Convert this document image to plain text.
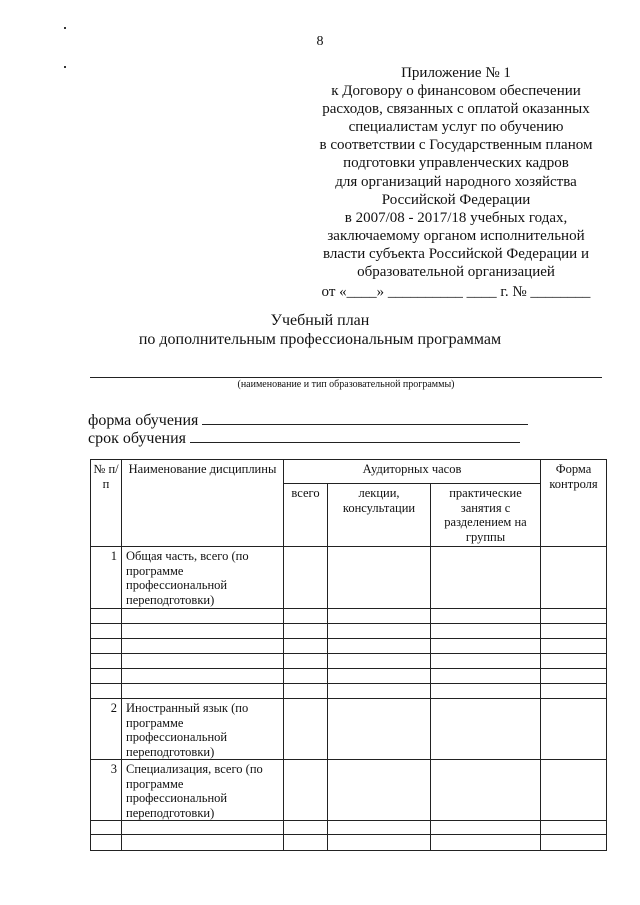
8
Приложение № 1
к Договору о финансовом обеспечении
расходов, связанных с оплатой оказанных
специалистам услуг по обучению
в соответствии с Государственным планом
подготовки управленческих кадров
для организаций народного хозяйства
Российской Федерации
в 2007/08 - 2017/18 учебных годах,
заключаемому органом исполнительной
власти субъекта Российской Федерации и
образовательной организацией
от «____» __________ ____ г. № ________
Учебный план
по дополнительным профессиональным программам
(наименование и тип образовательной программы)
форма обучения
срок обучения
№ п/п	Наименование дисциплины	Аудиторных часов			Форма контроля
		всего	лекции, консультации	практические занятия с разделением на группы	
1	Общая часть, всего (по программе профессиональной переподготовки)				

2	Иностранный язык (по программе профессиональной переподготовки)				
3	Специализация, всего (по программе профессиональной переподготовки)				
